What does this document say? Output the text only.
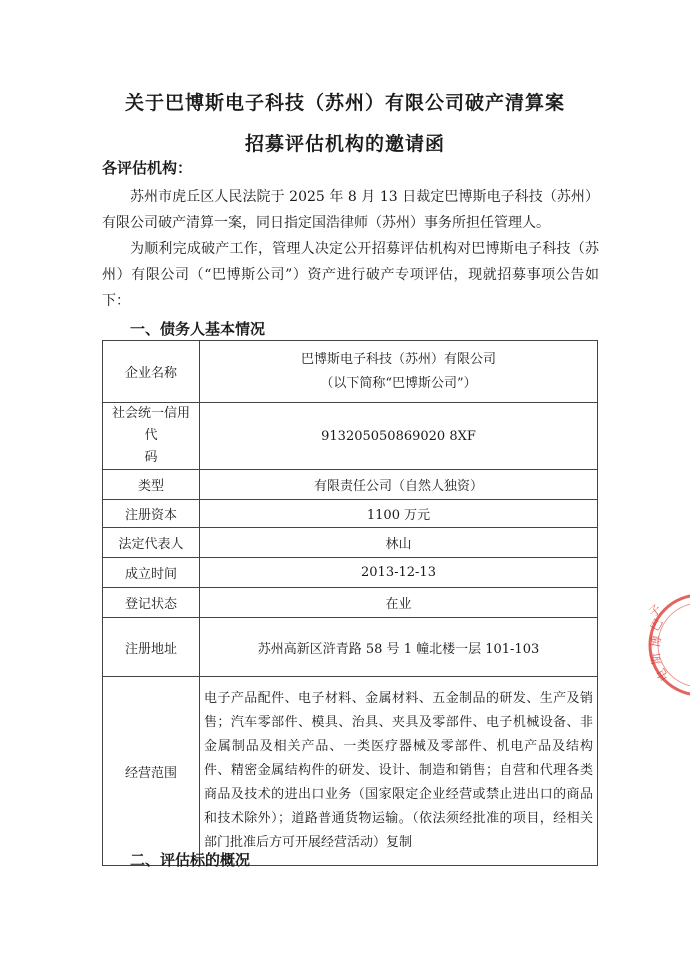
关于巴博斯电子科技（苏州）有限公司破产清算案
招募评估机构的邀请函

各评估机构：

苏州市虎丘区人民法院于 2025 年 8 月 13 日裁定巴博斯电子科技（苏州）有限公司破产清算一案，同日指定国浩律师（苏州）事务所担任管理人。

为顺利完成破产工作，管理人决定公开招募评估机构对巴博斯电子科技（苏州）有限公司（“巴博斯公司”）资产进行破产专项评估，现就招募事项公告如下：

一、债务人基本情况
企业名称	巴博斯电子科技（苏州）有限公司
（以下简称“巴博斯公司”）

社会统一信用代
码	913205050869020 8XF
类型	有限责任公司（自然人独资）
注册资本	1100 万元
法定代表人	林山
成立时间	2013-12-13
登记状态	在业
注册地址	苏州高新区浒青路 58 号 1 幢北楼一层 101-103
经营范围	电子产品配件、电子材料、金属材料、五金制品的研发、生产及销售；汽车零部件、模具、治具、夹具及零部件、电子机械设备、非金属制品及相关产品、一类医疗器械及零部件、机电产品及结构件、精密金属结构件的研发、设计、制造和销售；自营和代理各类商品及技术的进出口业务（国家限定企业经营或禁止进出口的商品和技术除外）；道路普通货物运输。（依法须经批准的项目，经相关部门批准后方可开展经营活动）复制
二、评估标的概况
巴
博
斯
电
子
